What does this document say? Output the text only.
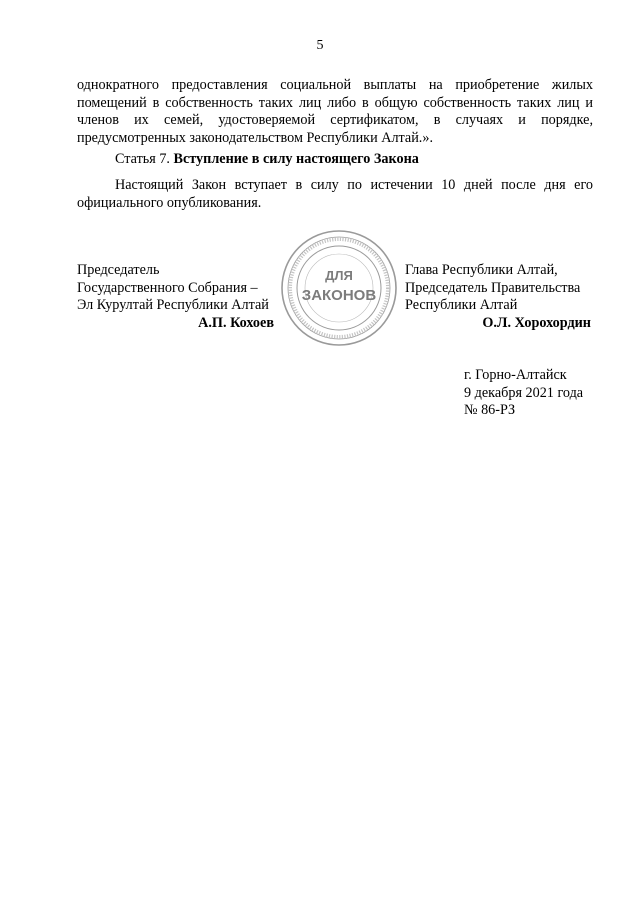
5

однократного предоставления социальной выплаты на приобретение жилых помещений в собственность таких лиц либо в общую собственность таких лиц и членов их семей, удостоверяемой сертификатом, в случаях и порядке, предусмотренных законодательством Республики Алтай.».

Статья 7. Вступление в силу настоящего Закона

Настоящий Закон вступает в силу по истечении 10 дней после дня его официального опубликования.

Председатель
Государственного Собрания –
Эл Курултай Республики Алтай
А.П. Кохоев
ДЛЯ
ЗАКОНОВ
Глава Республики Алтай,
Председатель Правительства
Республики Алтай
О.Л. Хорохордин
г. Горно-Алтайск
9 декабря 2021 года
№ 86-РЗ
